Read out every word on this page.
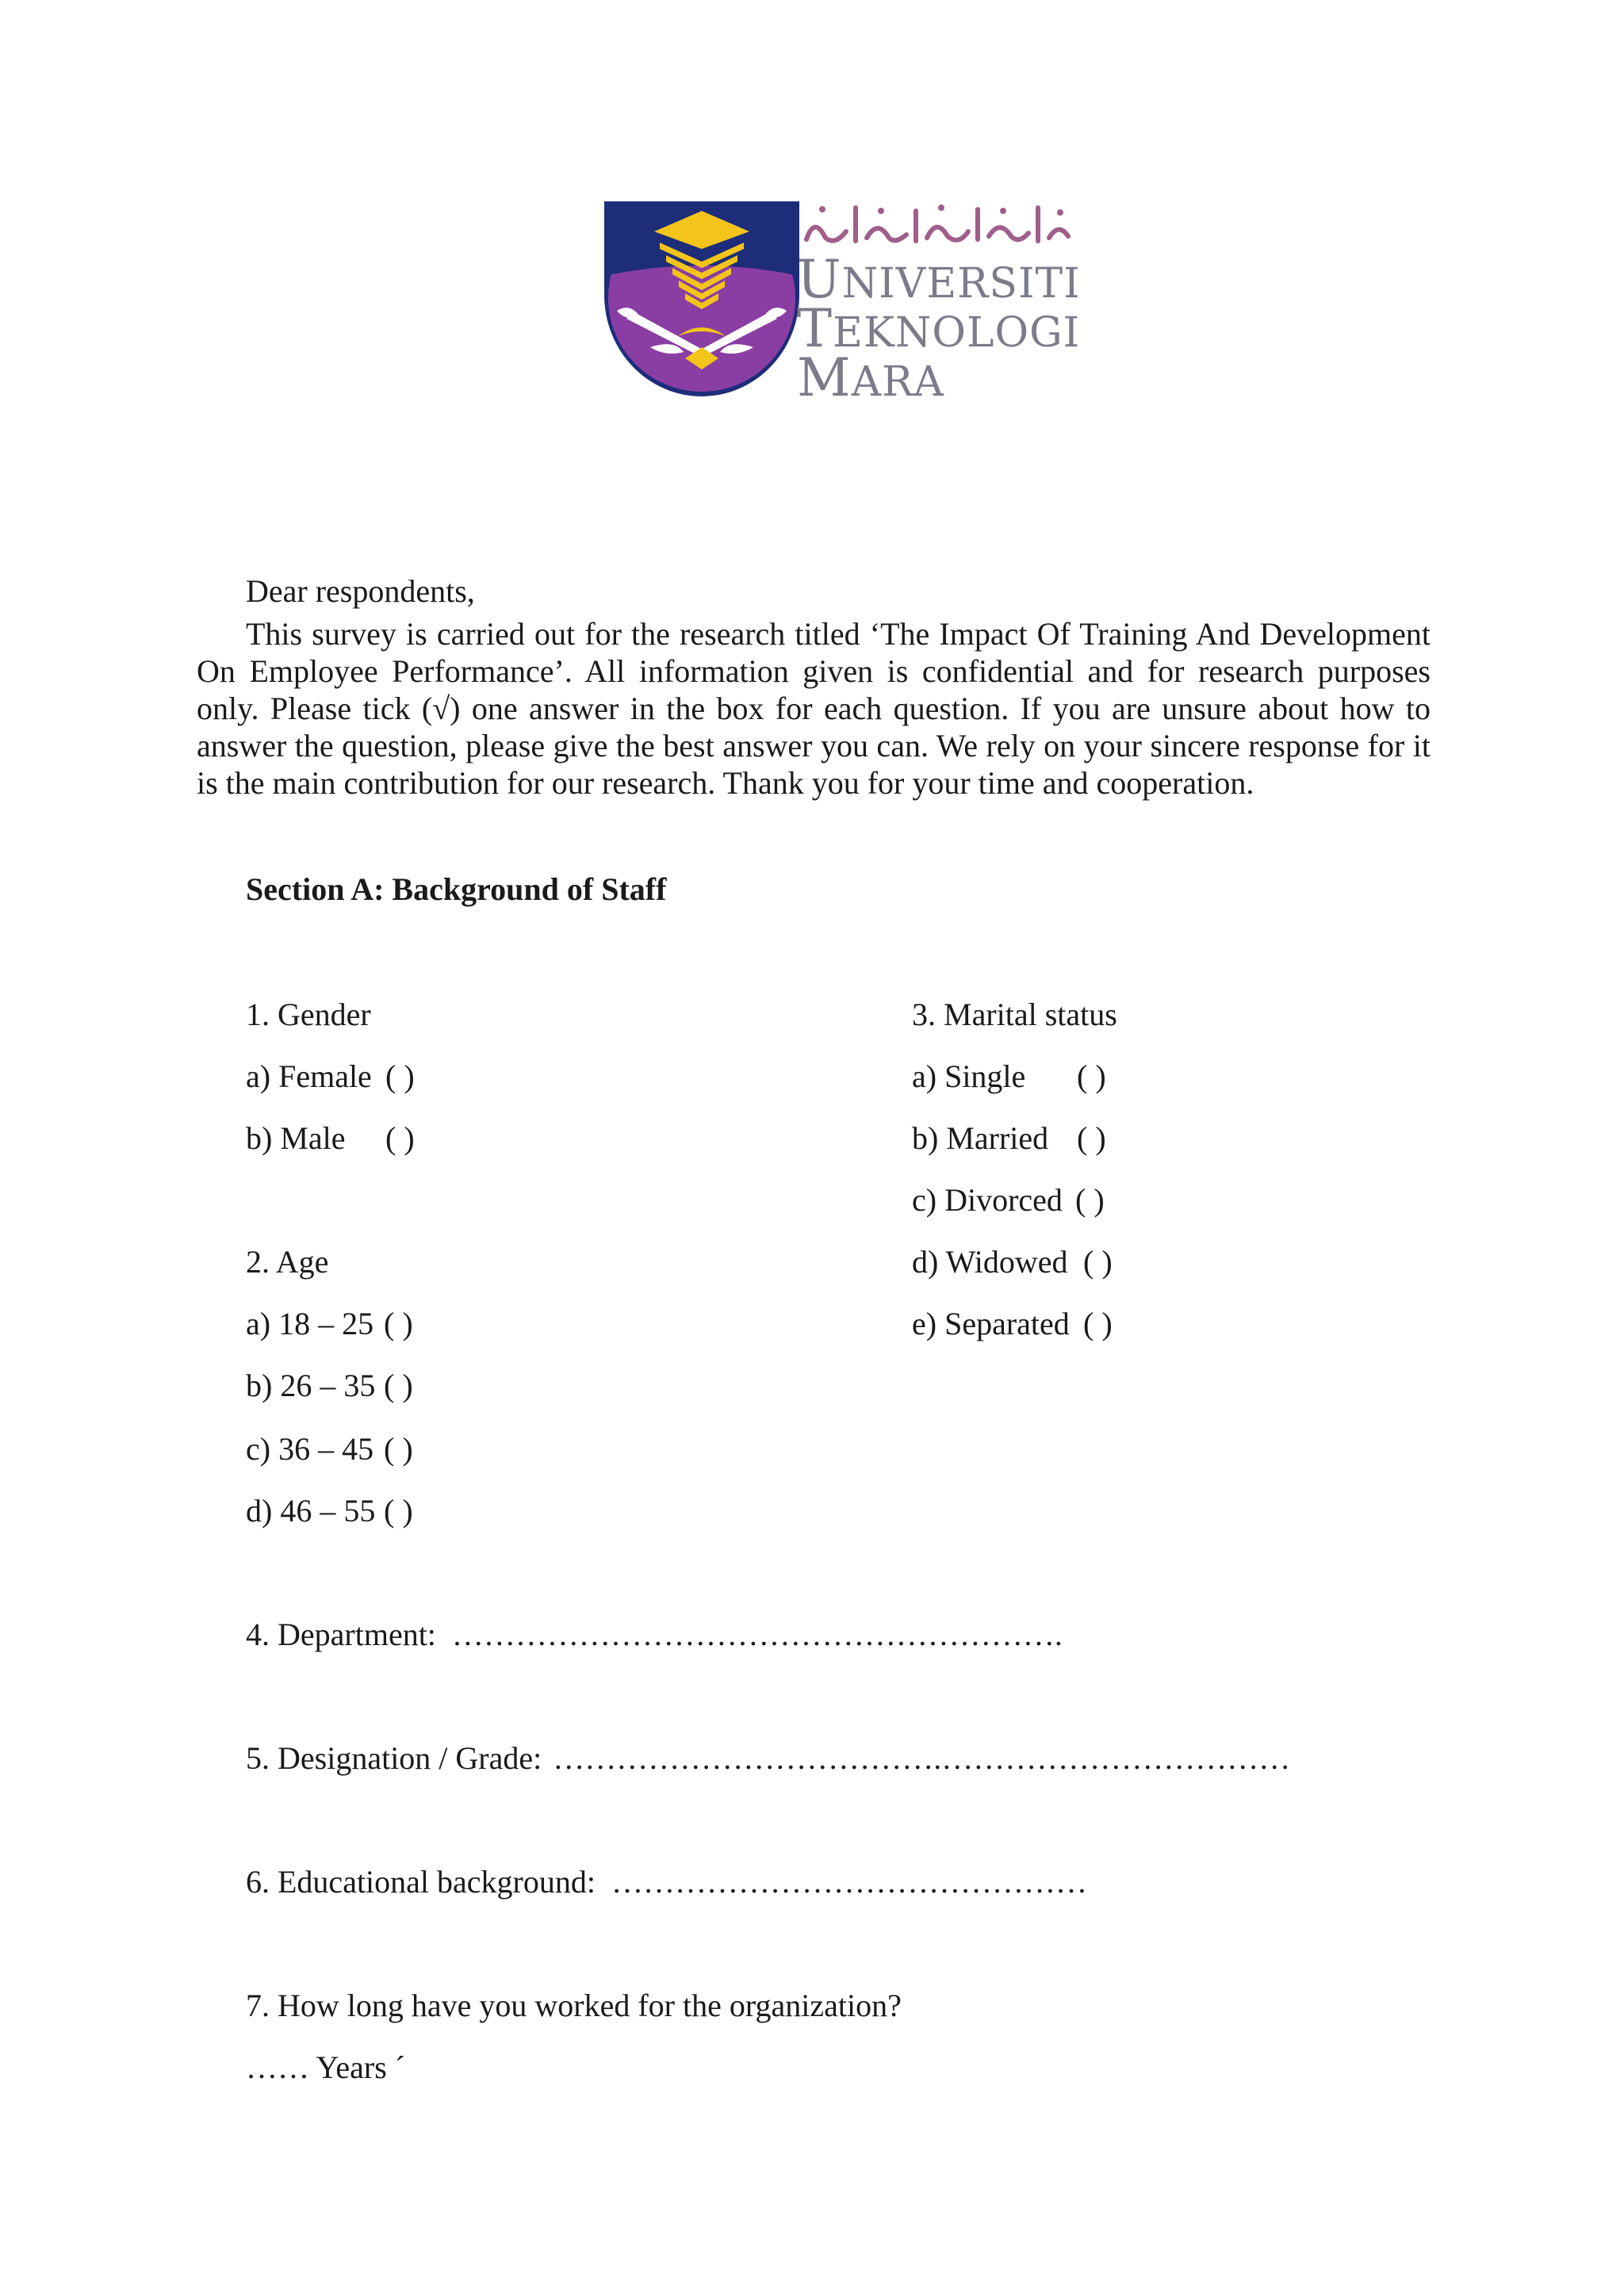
UNIVERSITI
TEKNOLOGI
MARA
Dear respondents,
This survey is carried out for the research titled ‘The Impact Of Training And Development On Employee Performance’. All information given is confidential and for research purposes only. Please tick (√) one answer in the box for each question. If you are unsure about how to answer the question, please give the best answer you can. We rely on your sincere response for it is the main contribution for our research. Thank you for your time and cooperation.
Section A: Background of Staff
1. Gender
a) Female ( )
b) Male ( )
2. Age
a) 18 – 25 ( )
b) 26 – 35 ( )
c) 36 – 45 ( )
d) 46 – 55 ( )
3. Marital status
a) Single ( )
b) Married ( )
c) Divorced ( )
d) Widowed ( )
e) Separated ( )
4. Department: ………………………………………………….
5. Designation / Grade: ……………………………….……………………………
6. Educational background: ………………………………………
7. How long have you worked for the organization?
…… Years ´
